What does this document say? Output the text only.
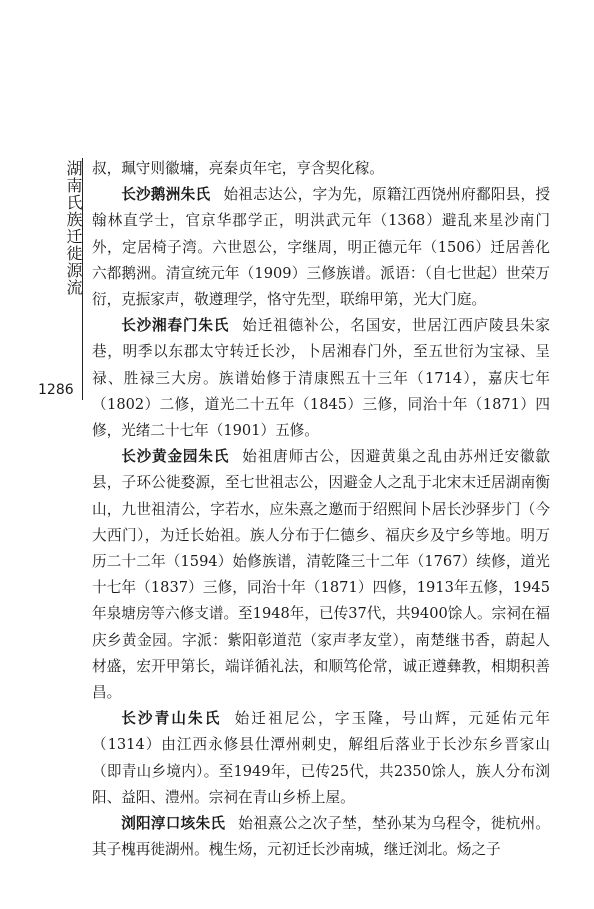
湖南氏族迁徙源流
1286

叔，珮守则徽墉，亮秦贞年宅，亨含契化稼。

长沙鹅洲朱氏 始祖志达公，字为先，原籍江西饶州府鄱阳县，授翰林直学士，官京华郡学正，明洪武元年（1368）避乱来星沙南门外，定居椅子湾。六世恩公，字继周，明正德元年（1506）迁居善化六都鹅洲。清宣统元年（1909）三修族谱。派语：（自七世起）世荣万衍，克振家声，敬遵理学，恪守先型，联绵甲第，光大门庭。

长沙湘春门朱氏 始迁祖德补公，名国安，世居江西庐陵县朱家巷，明季以东郡太守转迁长沙，卜居湘春门外，至五世衍为宝禄、呈禄、胜禄三大房。族谱始修于清康熙五十三年（1714），嘉庆七年（1802）二修，道光二十五年（1845）三修，同治十年（1871）四修，光绪二十七年（1901）五修。

长沙黄金园朱氏 始祖唐师古公，因避黄巢之乱由苏州迁安徽歙县，子环公徙婺源，至七世祖志公，因避金人之乱于北宋末迁居湖南衡山，九世祖清公，字若水，应朱熹之邀而于绍熙间卜居长沙驿步门（今大西门），为迁长始祖。族人分布于仁德乡、福庆乡及宁乡等地。明万历二十二年（1594）始修族谱，清乾隆三十二年（1767）续修，道光十七年（1837）三修，同治十年（1871）四修，1913年五修，1945年泉塘房等六修支谱。至1948年，已传37代，共9400馀人。宗祠在福庆乡黄金园。字派：紫阳彰道范（家声孝友堂），南楚继书香，蔚起人材盛，宏开甲第长，端详循礼法，和顺笃伦常，诚正遵彝教，相期积善昌。

长沙青山朱氏 始迁祖尼公，字玉隆，号山辉，元延佑元年（1314）由江西永修县仕潭州刺史，解组后落业于长沙东乡晋家山（即青山乡境内）。至1949年，已传25代，共2350馀人，族人分布浏阳、益阳、澧州。宗祠在青山乡桥上屋。

浏阳淳口垓朱氏 始祖熹公之次子埜，埜孙某为乌程令，徙杭州。其子槐再徙湖州。槐生炀，元初迁长沙南城，继迁浏北。炀之子
